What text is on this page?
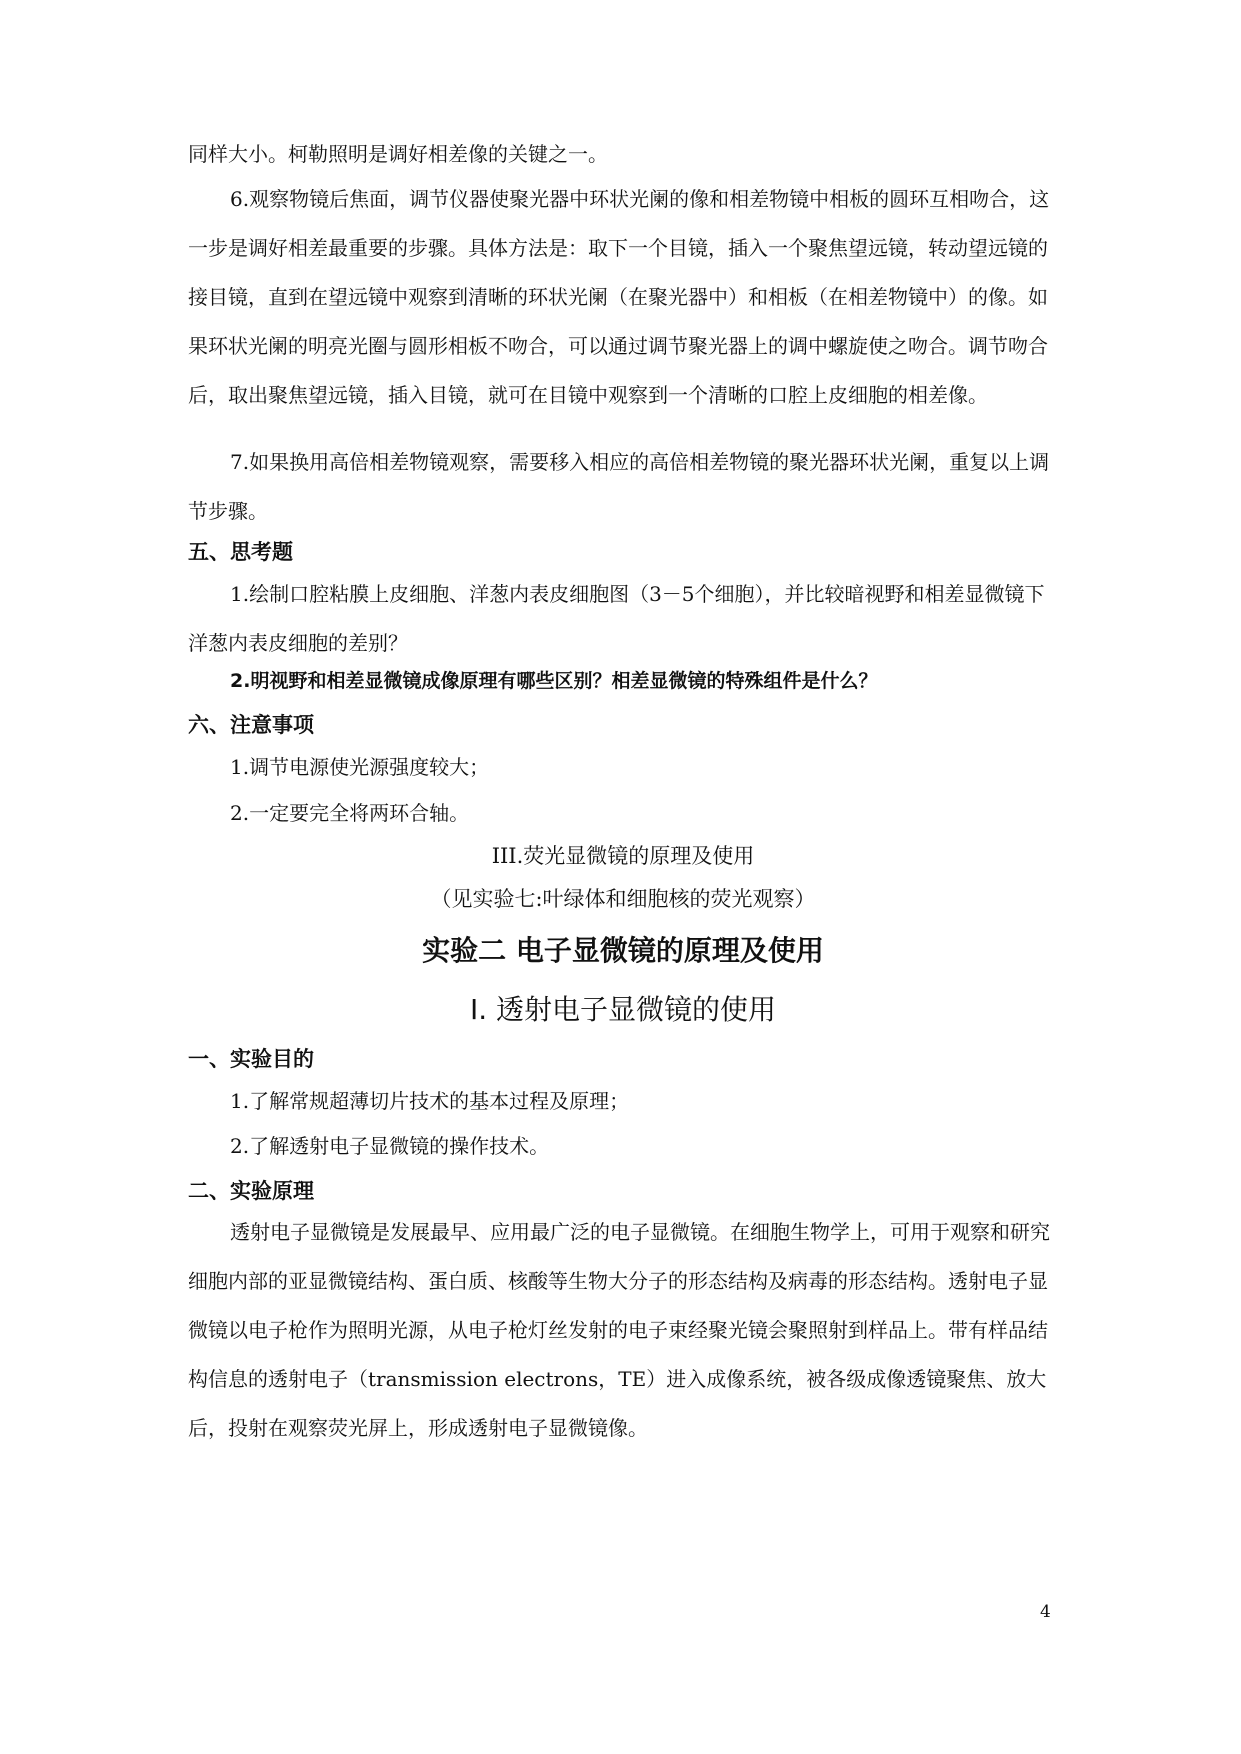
同样大小。柯勒照明是调好相差像的关键之一。

6.观察物镜后焦面，调节仪器使聚光器中环状光阑的像和相差物镜中相板的圆环互相吻合，这一步是调好相差最重要的步骤。具体方法是：取下一个目镜，插入一个聚焦望远镜，转动望远镜的接目镜，直到在望远镜中观察到清晰的环状光阑（在聚光器中）和相板（在相差物镜中）的像。如果环状光阑的明亮光圈与圆形相板不吻合，可以通过调节聚光器上的调中螺旋使之吻合。调节吻合后，取出聚焦望远镜，插入目镜，就可在目镜中观察到一个清晰的口腔上皮细胞的相差像。

7.如果换用高倍相差物镜观察，需要移入相应的高倍相差物镜的聚光器环状光阑，重复以上调节步骤。

五、思考题

1.绘制口腔粘膜上皮细胞、洋葱内表皮细胞图（3－5个细胞），并比较暗视野和相差显微镜下洋葱内表皮细胞的差别？

2.明视野和相差显微镜成像原理有哪些区别？相差显微镜的特殊组件是什么？

六、注意事项

1.调节电源使光源强度较大；

2.一定要完全将两环合轴。

III.荧光显微镜的原理及使用

（见实验七:叶绿体和细胞核的荧光观察）

实验二 电子显微镜的原理及使用

I. 透射电子显微镜的使用

一、实验目的

1.了解常规超薄切片技术的基本过程及原理；

2.了解透射电子显微镜的操作技术。

二、实验原理

透射电子显微镜是发展最早、应用最广泛的电子显微镜。在细胞生物学上，可用于观察和研究细胞内部的亚显微镜结构、蛋白质、核酸等生物大分子的形态结构及病毒的形态结构。透射电子显微镜以电子枪作为照明光源，从电子枪灯丝发射的电子束经聚光镜会聚照射到样品上。带有样品结构信息的透射电子（transmission electrons，TE）进入成像系统，被各级成像透镜聚焦、放大后，投射在观察荧光屏上，形成透射电子显微镜像。

4
